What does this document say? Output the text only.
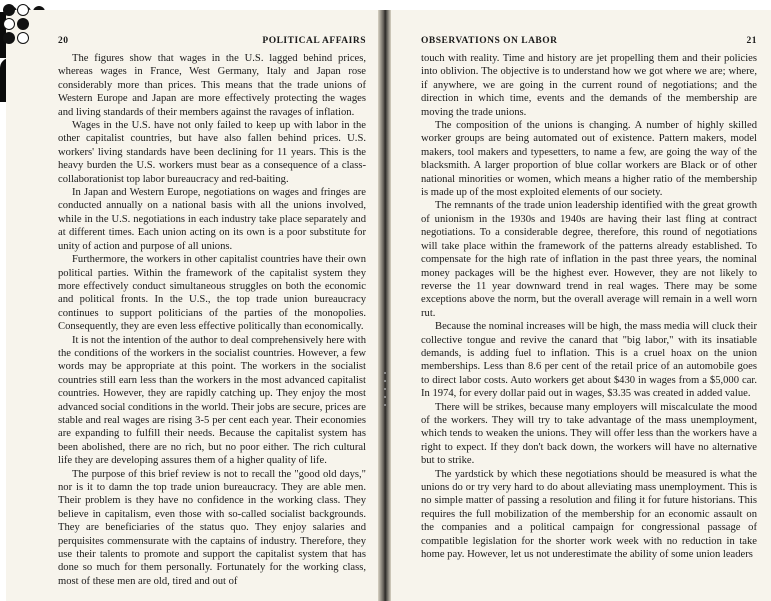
20	POLITICAL AFFAIRS

The figures show that wages in the U.S. lagged behind prices, whereas wages in France, West Germany, Italy and Japan rose considerably more than prices. This means that the trade unions of Western Europe and Japan are more effectively protecting the wages and living standards of their members against the ravages of inflation.

Wages in the U.S. have not only failed to keep up with labor in the other capitalist countries, but have also fallen behind prices. U.S. workers' living standards have been declining for 11 years. This is the heavy burden the U.S. workers must bear as a consequence of a class-collaborationist top labor bureaucracy and red-baiting.

In Japan and Western Europe, negotiations on wages and fringes are conducted annually on a national basis with all the unions involved, while in the U.S. negotiations in each industry take place separately and at different times. Each union acting on its own is a poor substitute for unity of action and purpose of all unions.

Furthermore, the workers in other capitalist countries have their own political parties. Within the framework of the capitalist system they more effectively conduct simultaneous struggles on both the economic and political fronts. In the U.S., the top trade union bureaucracy continues to support politicians of the parties of the monopolies. Consequently, they are even less effective politically than economically.

It is not the intention of the author to deal comprehensively here with the conditions of the workers in the socialist countries. However, a few words may be appropriate at this point. The workers in the socialist countries still earn less than the workers in the most advanced capitalist countries. However, they are rapidly catching up. They enjoy the most advanced social conditions in the world. Their jobs are secure, prices are stable and real wages are rising 3-5 per cent each year. Their economies are expanding to fulfill their needs. Because the capitalist system has been abolished, there are no rich, but no poor either. The rich cultural life they are developing assures them of a higher quality of life.

The purpose of this brief review is not to recall the "good old days," nor is it to damn the top trade union bureaucracy. They are able men. Their problem is they have no confidence in the working class. They believe in capitalism, even those with so-called socialist backgrounds. They are beneficiaries of the status quo. They enjoy salaries and perquisites commensurate with the captains of industry. Therefore, they use their talents to promote and support the capitalist system that has done so much for them personally. Fortunately for the working class, most of these men are old, tired and out of

OBSERVATIONS ON LABOR	21

touch with reality. Time and history are jet propelling them and their policies into oblivion. The objective is to understand how we got where we are; where, if anywhere, we are going in the current round of negotiations; and the direction in which time, events and the demands of the membership are moving the trade unions.

The composition of the unions is changing. A number of highly skilled worker groups are being automated out of existence. Pattern makers, model makers, tool makers and typesetters, to name a few, are going the way of the blacksmith. A larger proportion of blue collar workers are Black or of other national minorities or women, which means a higher ratio of the membership is made up of the most exploited elements of our society.

The remnants of the trade union leadership identified with the great growth of unionism in the 1930s and 1940s are having their last fling at contract negotiations. To a considerable degree, therefore, this round of negotiations will take place within the framework of the patterns already established. To compensate for the high rate of inflation in the past three years, the nominal money packages will be the highest ever. However, they are not likely to reverse the 11 year downward trend in real wages. There may be some exceptions above the norm, but the overall average will remain in a well worn rut.

Because the nominal increases will be high, the mass media will cluck their collective tongue and revive the canard that "big labor," with its insatiable demands, is adding fuel to inflation. This is a cruel hoax on the union memberships. Less than 8.6 per cent of the retail price of an automobile goes to direct labor costs. Auto workers get about $430 in wages from a $5,000 car. In 1974, for every dollar paid out in wages, $3.35 was created in added value.

There will be strikes, because many employers will miscalculate the mood of the workers. They will try to take advantage of the mass unemployment, which tends to weaken the unions. They will offer less than the workers have a right to expect. If they don't back down, the workers will have no alternative but to strike.

The yardstick by which these negotiations should be measured is what the unions do or try very hard to do about alleviating mass unemployment. This is no simple matter of passing a resolution and filing it for future historians. This requires the full mobilization of the membership for an economic assault on the companies and a political campaign for congressional passage of compatible legislation for the shorter work week with no reduction in take home pay. However, let us not underestimate the ability of some union leaders
